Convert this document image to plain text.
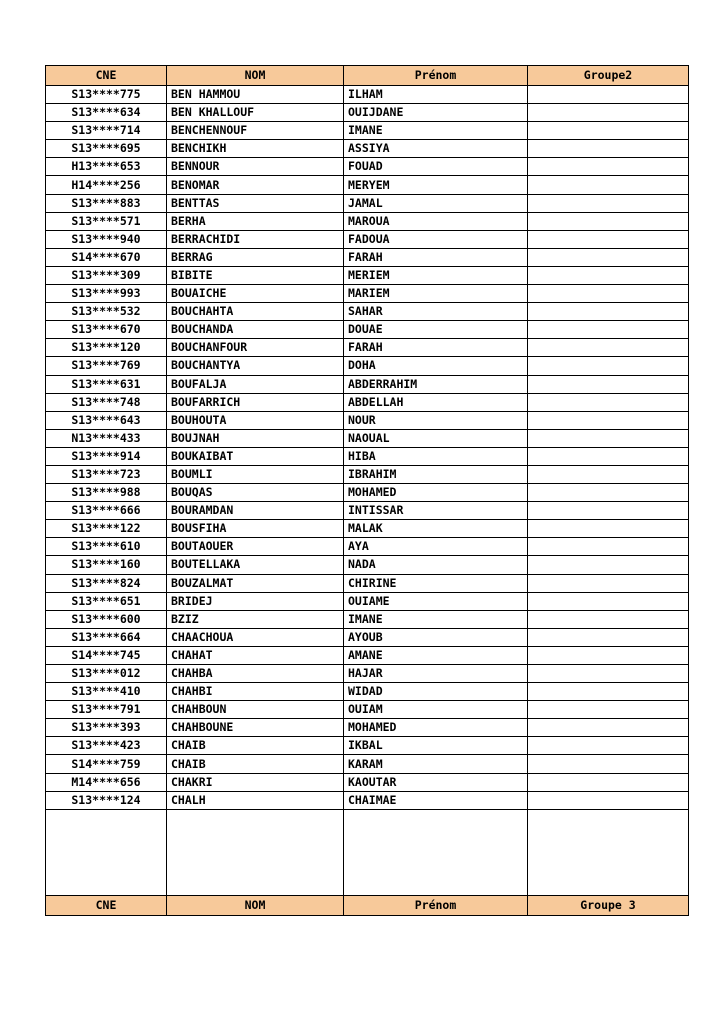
CNE	NOM	Prénom	Groupe2
S13****775	BEN HAMMOU	ILHAM	
S13****634	BEN KHALLOUF	OUIJDANE	
S13****714	BENCHENNOUF	IMANE	
S13****695	BENCHIKH	ASSIYA	
H13****653	BENNOUR	FOUAD	
H14****256	BENOMAR	MERYEM	
S13****883	BENTTAS	JAMAL	
S13****571	BERHA	MAROUA	
S13****940	BERRACHIDI	FADOUA	
S14****670	BERRAG	FARAH	
S13****309	BIBITE	MERIEM	
S13****993	BOUAICHE	MARIEM	
S13****532	BOUCHAHTA	SAHAR	
S13****670	BOUCHANDA	DOUAE	
S13****120	BOUCHANFOUR	FARAH	
S13****769	BOUCHANTYA	DOHA	
S13****631	BOUFALJA	ABDERRAHIM	
S13****748	BOUFARRICH	ABDELLAH	
S13****643	BOUHOUTA	NOUR	
N13****433	BOUJNAH	NAOUAL	
S13****914	BOUKAIBAT	HIBA	
S13****723	BOUMLI	IBRAHIM	
S13****988	BOUQAS	MOHAMED	
S13****666	BOURAMDAN	INTISSAR	
S13****122	BOUSFIHA	MALAK	
S13****610	BOUTAOUER	AYA	
S13****160	BOUTELLAKA	NADA	
S13****824	BOUZALMAT	CHIRINE	
S13****651	BRIDEJ	OUIAME	
S13****600	BZIZ	IMANE	
S13****664	CHAACHOUA	AYOUB	
S14****745	CHAHAT	AMANE	
S13****012	CHAHBA	HAJAR	
S13****410	CHAHBI	WIDAD	
S13****791	CHAHBOUN	OUIAM	
S13****393	CHAHBOUNE	MOHAMED	
S13****423	CHAIB	IKBAL	
S14****759	CHAIB	KARAM	
M14****656	CHAKRI	KAOUTAR	
S13****124	CHALH	CHAIMAE	

CNE	NOM	Prénom	Groupe 3
